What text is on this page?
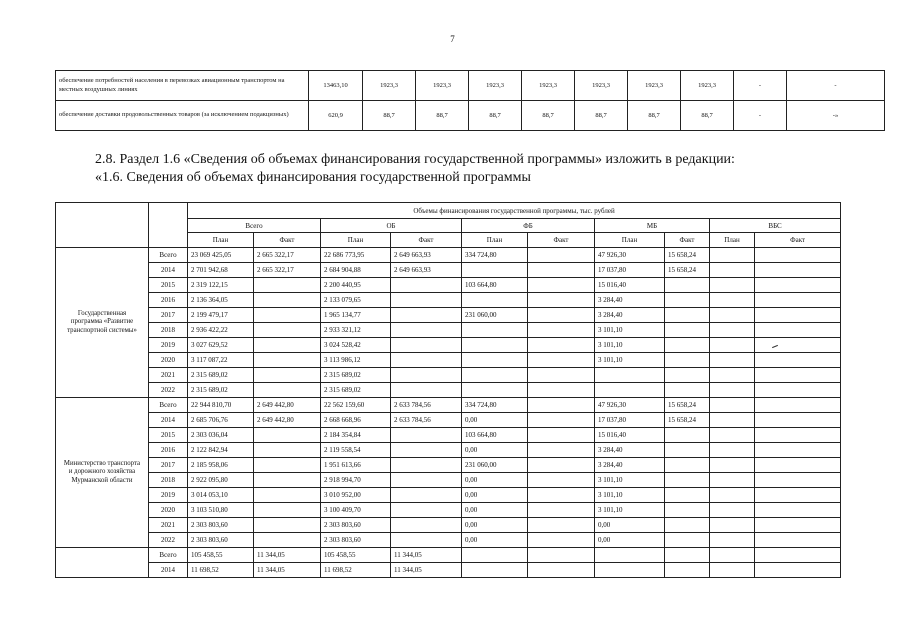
7
обеспечение потребностей населения в перевозках авиационным транспортом на местных воздушных линиях	13463,10	1923,3	1923,3	1923,3	1923,3	1923,3	1923,3	1923,3	-	-
обеспечение доставки продовольственных товаров (за исключением подакцизных)	620,9	88,7	88,7	88,7	88,7	88,7	88,7	88,7	-	-»
2.8. Раздел 1.6 «Сведения об объемах финансирования государственной программы» изложить в редакции:
«1.6. Сведения об объемах финансирования государственной программы
		Объемы финансирования государственной программы, тыс. рублей									
		Всего		ОБ		ФБ		МБ		ВБС	
		План	Факт	План	Факт	План	Факт	План	Факт	План	Факт
Государственная программа «Развитие транспортной системы»	Всего	23 069 425,05	2 665 322,17	22 686 773,95	2 649 663,93	334 724,80		47 926,30	15 658,24		
	2014	2 701 942,68	2 665 322,17	2 684 904,88	2 649 663,93			17 037,80	15 658,24		
	2015	2 319 122,15		2 200 440,95		103 664,80		15 016,40			
	2016	2 136 364,05		2 133 079,65				3 284,40			
	2017	2 199 479,17		1 965 134,77		231 060,00		3 284,40			
	2018	2 936 422,22		2 933 321,12				3 101,10			
	2019	3 027 629,52		3 024 528,42				3 101,10			
	2020	3 117 087,22		3 113 986,12				3 101,10			
	2021	2 315 689,02		2 315 689,02							
	2022	2 315 689,02		2 315 689,02							
Министерство транспорта и дорожного хозяйства Мурманской области	Всего	22 944 810,70	2 649 442,80	22 562 159,60	2 633 784,56	334 724,80		47 926,30	15 658,24		
	2014	2 685 706,76	2 649 442,80	2 668 668,96	2 633 784,56	0,00		17 037,80	15 658,24		
	2015	2 303 036,04		2 184 354,84		103 664,80		15 016,40			
	2016	2 122 842,94		2 119 558,54		0,00		3 284,40			
	2017	2 185 958,06		1 951 613,66		231 060,00		3 284,40			
	2018	2 922 095,80		2 918 994,70		0,00		3 101,10			
	2019	3 014 053,10		3 010 952,00		0,00		3 101,10			
	2020	3 103 510,80		3 100 409,70		0,00		3 101,10			
	2021	2 303 803,60		2 303 803,60		0,00		0,00			
	2022	2 303 803,60		2 303 803,60		0,00		0,00			
	Всего	105 458,55	11 344,05	105 458,55	11 344,05						
	2014	11 698,52	11 344,05	11 698,52	11 344,05						
